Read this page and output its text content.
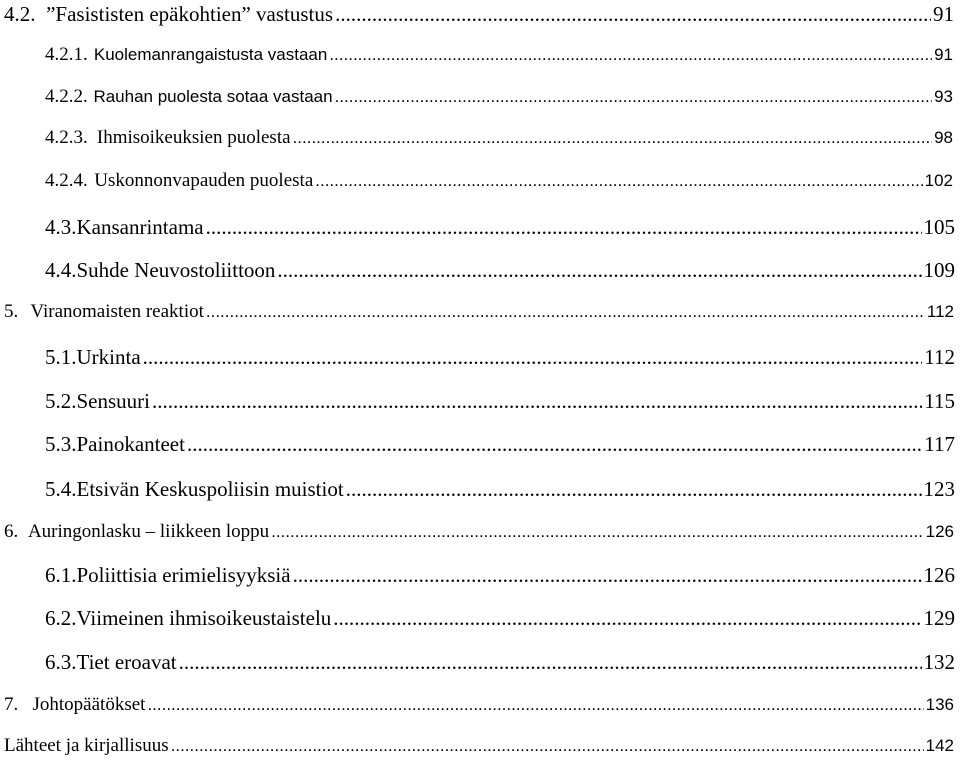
4.2. ”Fasististen epäkohtien” vastustus .....	91
4.2.1. Kuolemanrangaistusta vastaan .....	91
4.2.2. Rauhan puolesta sotaa vastaan .....	93
4.2.3. Ihmisoikeuksien puolesta .....	98
4.2.4. Uskonnonvapauden puolesta .....	102
4.3. Kansanrintama .....	105
4.4. Suhde Neuvostoliittoon .....	109
5. Viranomaisten reaktiot .....	112
5.1. Urkinta .....	112
5.2. Sensuuri .....	115
5.3. Painokanteet .....	117
5.4. Etsivän Keskuspoliisin muistiot .....	123
6. Auringonlasku – liikkeen loppu .....	126
6.1. Poliittisia erimielisyyksiä .....	126
6.2. Viimeinen ihmisoikeustaistelu .....	129
6.3. Tiet eroavat .....	132
7. Johtopäätökset .....	136
Lähteet ja kirjallisuus .....	142
